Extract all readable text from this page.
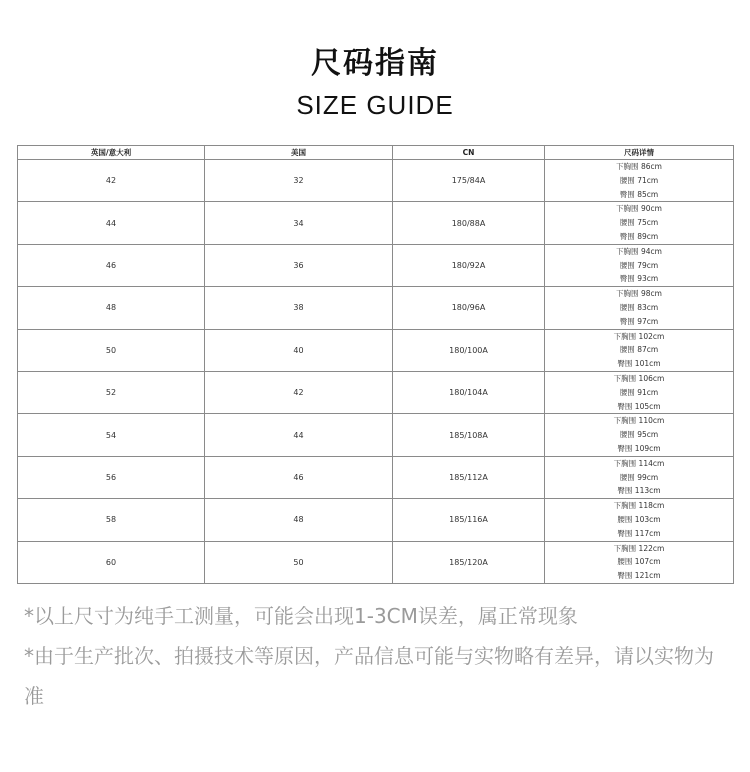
尺码指南
SIZE GUIDE
英国/意大利	美国	CN	尺码详情
42	32	175/84A	下胸围 86cm
腰围 71cm
臀围 85cm

44	34	180/88A	下胸围 90cm
腰围 75cm
臀围 89cm

46	36	180/92A	下胸围 94cm
腰围 79cm
臀围 93cm

48	38	180/96A	下胸围 98cm
腰围 83cm
臀围 97cm

50	40	180/100A	下胸围 102cm
腰围 87cm
臀围 101cm

52	42	180/104A	下胸围 106cm
腰围 91cm
臀围 105cm

54	44	185/108A	下胸围 110cm
腰围 95cm
臀围 109cm

56	46	185/112A	下胸围 114cm
腰围 99cm
臀围 113cm

58	48	185/116A	下胸围 118cm
腰围 103cm
臀围 117cm

60	50	185/120A	下胸围 122cm
腰围 107cm
臀围 121cm
*以上尺寸为纯手工测量，可能会出现1-3CM误差，属正常现象
*由于生产批次、拍摄技术等原因，产品信息可能与实物略有差异，请以实物为准
